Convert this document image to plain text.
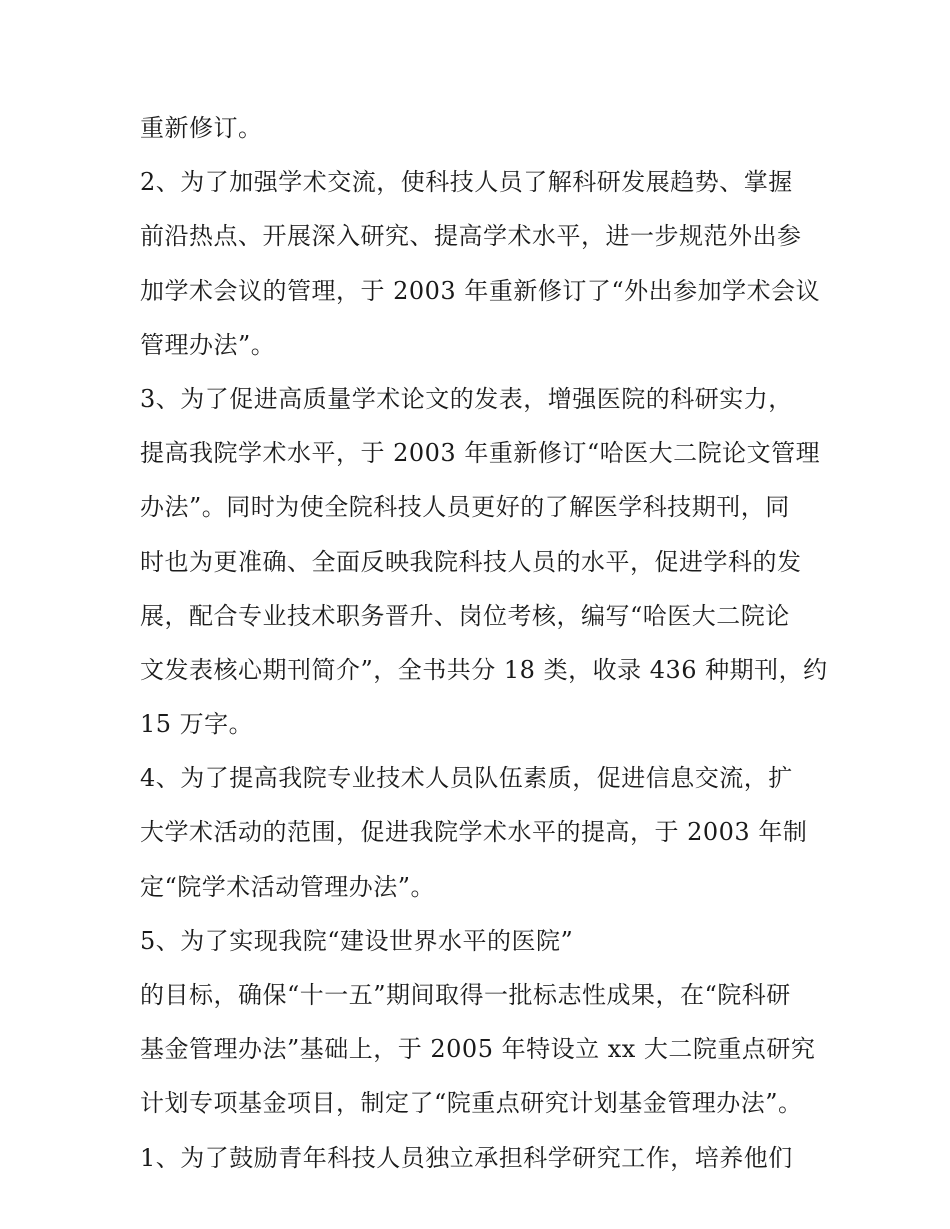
重新修订。
2、为了加强学术交流，使科技人员了解科研发展趋势、掌握
前沿热点、开展深入研究、提高学术水平，进一步规范外出参
加学术会议的管理，于 2003 年重新修订了“外出参加学术会议
管理办法”。
3、为了促进高质量学术论文的发表，增强医院的科研实力，
提高我院学术水平，于 2003 年重新修订“哈医大二院论文管理
办法”。同时为使全院科技人员更好的了解医学科技期刊，同
时也为更准确、全面反映我院科技人员的水平，促进学科的发
展，配合专业技术职务晋升、岗位考核，编写“哈医大二院论
文发表核心期刊简介”，全书共分 18 类，收录 436 种期刊，约
15 万字。
4、为了提高我院专业技术人员队伍素质，促进信息交流，扩
大学术活动的范围，促进我院学术水平的提高，于 2003 年制
定“院学术活动管理办法”。
5、为了实现我院“建设世界水平的医院”
的目标，确保“十一五”期间取得一批标志性成果，在“院科研
基金管理办法”基础上，于 2005 年特设立 xx 大二院重点研究
计划专项基金项目，制定了“院重点研究计划基金管理办法”。
1、为了鼓励青年科技人员独立承担科学研究工作，培养他们
